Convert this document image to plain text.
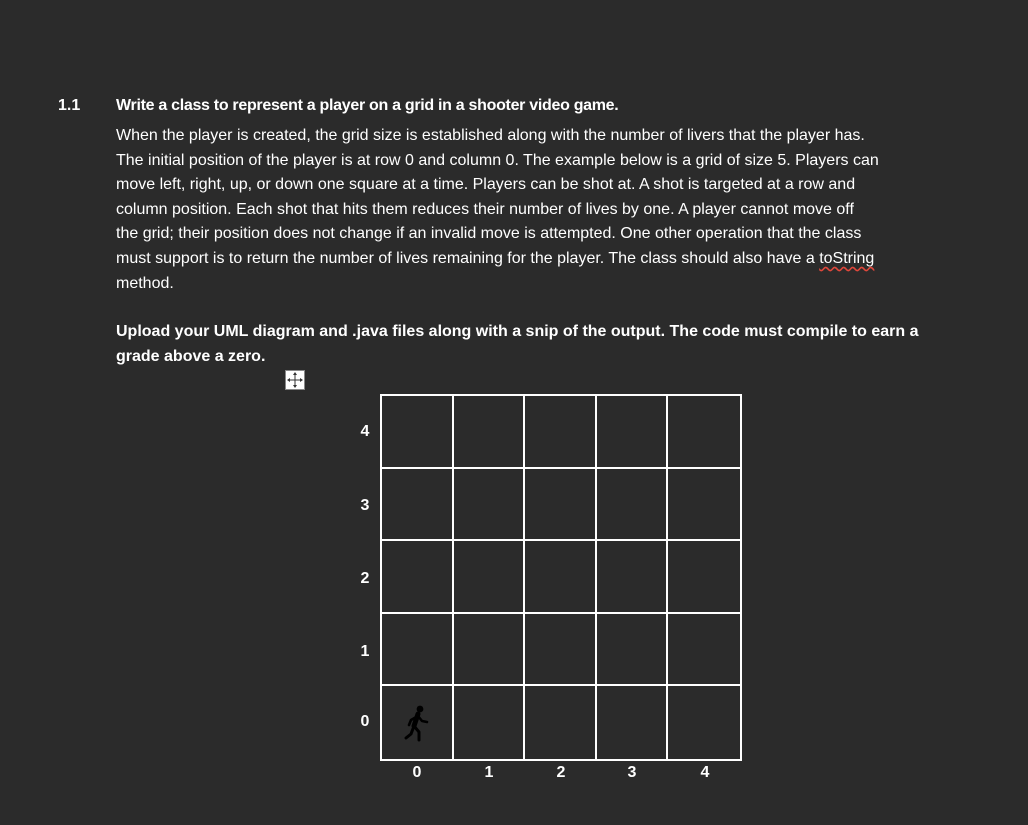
1.1 Write a class to represent a player on a grid in a shooter video game.

When the player is created, the grid size is established along with the number of livers that the player has.
The initial position of the player is at row 0 and column 0. The example below is a grid of size 5. Players can
move left, right, up, or down one square at a time. Players can be shot at. A shot is targeted at a row and
column position. Each shot that hits them reduces their number of lives by one. A player cannot move off
the grid; their position does not change if an invalid move is attempted. One other operation that the class
must support is to return the number of lives remaining for the player. The class should also have a toString
method.

Upload your UML diagram and .java files along with a snip of the output. The code must compile to earn a
grade above a zero.
4
3
2
1
0
0	1	2	3	4
